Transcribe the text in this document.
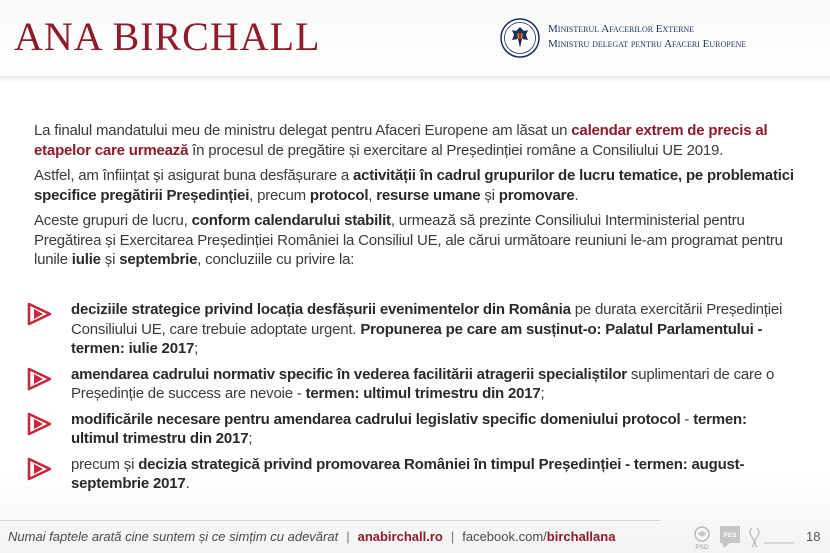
ANA BIRCHALL	Ministerul Afacerilor Externe
Ministru delegat pentru Afaceri Europene

La finalul mandatului meu de ministru delegat pentru Afaceri Europene am lăsat un calendar extrem de precis al etapelor care urmează în procesul de pregătire și exercitare al Președinției române a Consiliului UE 2019.

Astfel, am înființat și asigurat buna desfășurare a activității în cadrul grupurilor de lucru tematice, pe problematici specifice pregătirii Președinției, precum protocol, resurse umane și promovare.

Aceste grupuri de lucru, conform calendarului stabilit, urmează să prezinte Consiliului Interministerial pentru Pregătirea și Exercitarea Președinției României la Consiliul UE, ale cărui următoare reuniuni le-am programat pentru lunile iulie și septembrie, concluziile cu privire la:

deciziile strategice privind locația desfășurii evenimentelor din România pe durata exercitării Președinției Consiliului UE, care trebuie adoptate urgent. Propunerea pe care am susținut-o: Palatul Parlamentului - termen: iulie 2017;
amendarea cadrului normativ specific în vederea facilitării atragerii specialiștilor suplimentari de care o Președinție de success are nevoie - termen: ultimul trimestru din 2017;
modificările necesare pentru amendarea cadrului legislativ specific domeniului protocol - termen: ultimul trimestru din 2017;
precum și decizia strategică privind promovarea României în timpul Președinției - termen: august-septembrie 2017.
Numai faptele arată cine suntem și ce simțim cu adevărat | anabirchall.ro | facebook.com/birchallana
PSD
PES	18
